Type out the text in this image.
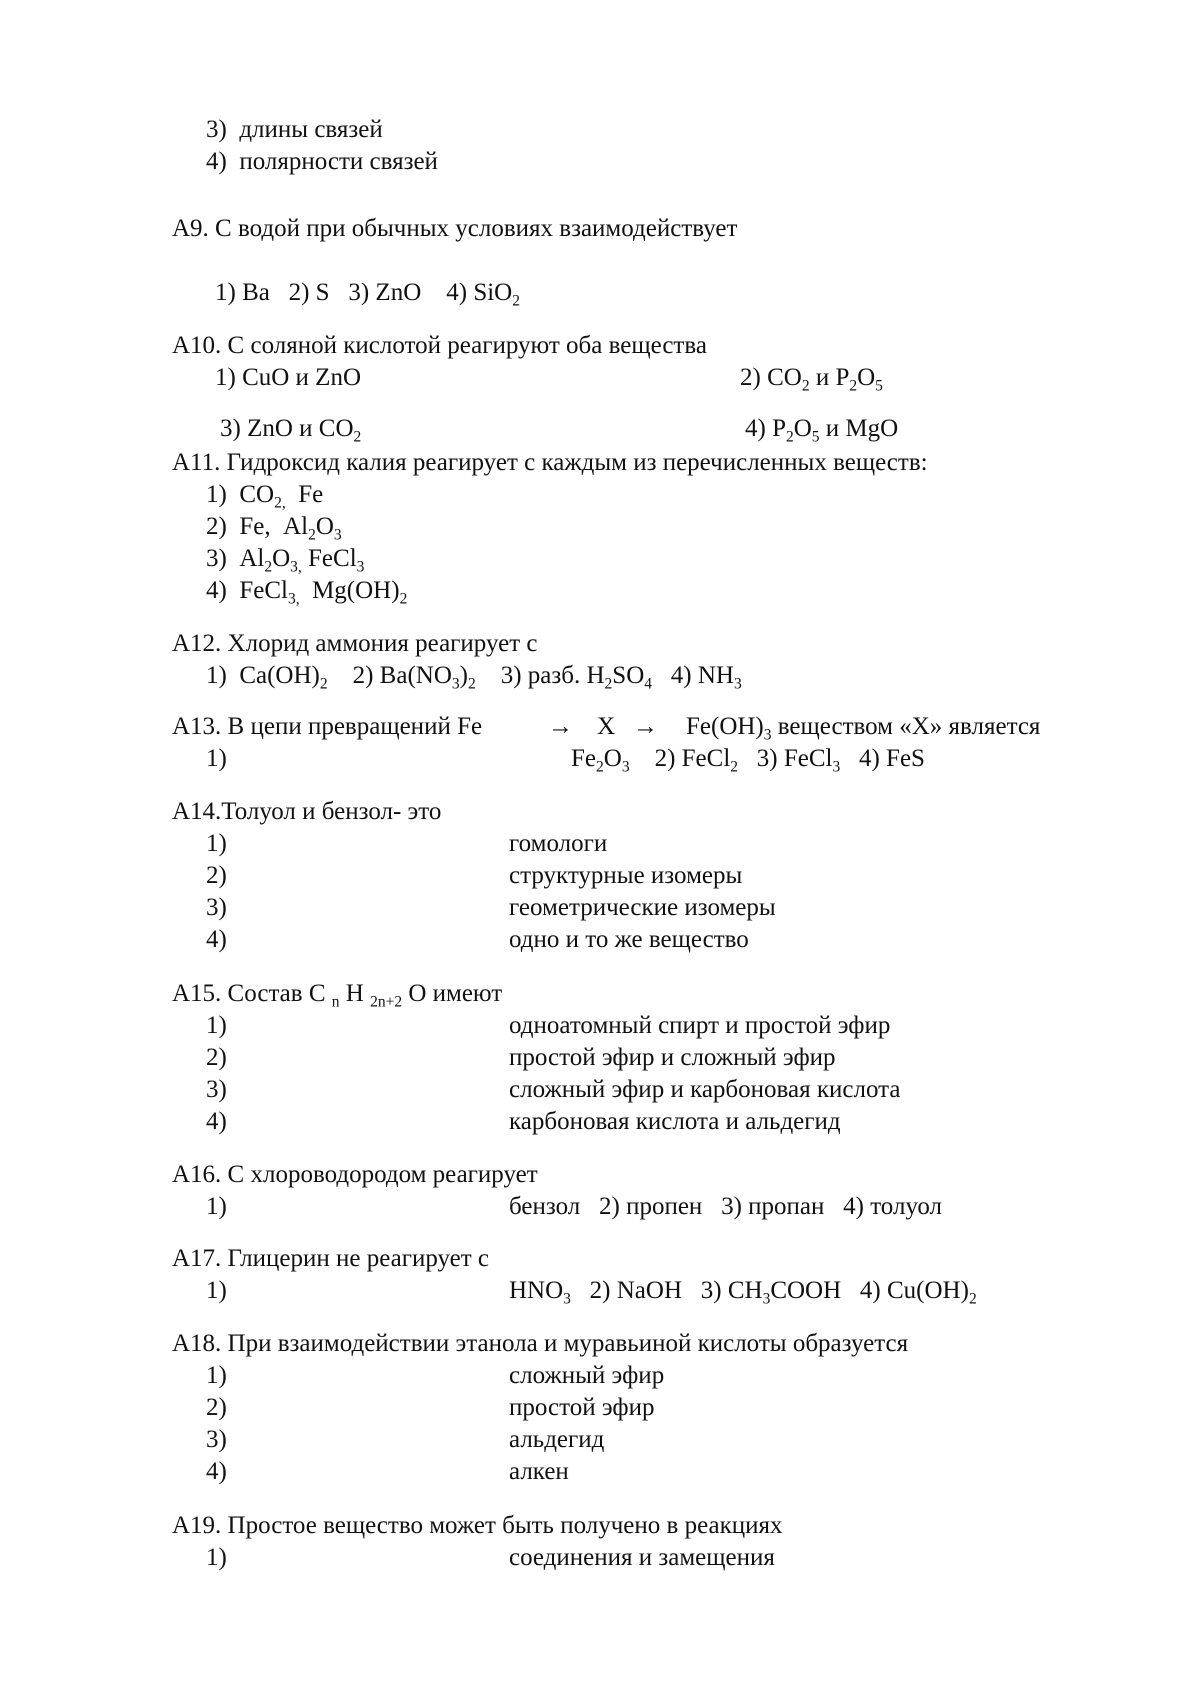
3) длины связей
4) полярности связей
А9. С водой при обычных условиях взаимодействует
1) Ba 2) S 3) ZnO 4) SiO$_2$
А10. С соляной кислотой реагируют оба вещества
1) CuO и ZnO	2) $CO_2$ и $P_2O_5$
3) ZnO и $CO_2$	4) $P_2O_5$ и MgO
А11. Гидроксид калия реагирует с каждым из перечисленных веществ:
1) $CO_{2,}$ Fe
2) Fe, $Al_2O_3$
3) $Al_2O_{3,}$ FeCl$_3$
4) FeCl$_{3,}$ $Mg(OH)_2$
А12. Хлорид аммония реагирует с
1) $Ca(OH)_2$ 2) $Ba(NO_3)_2$ 3) разб. $H_2SO_4$ 4) $NH_3$
А13. В цепи превращений Fe	→ $X \to Fe(OH)_3$ веществом «Х» является
1)	$Fe_2O_3$ 2) FeCl$_2$ 3) FeCl$_3$ 4) FeS
А14.Толуол и бензол- это
1)	гомологи
2)	структурные изомеры
3)	геометрические изомеры
4)	одно и то же вещество
А15. Состав C $_n$ H $_{2n+2}$ O имеют
1)	одноатомный спирт и простой эфир
2)	простой эфир и сложный эфир
3)	сложный эфир и карбоновая кислота
4)	карбоновая кислота и альдегид
А16. С хлороводородом реагирует
1)	бензол 2) пропен 3) пропан 4) толуол
А17. Глицерин не реагирует с
1)	$HNO_3$ 2) NaOH 3) $CH_3COOH$ 4) $Cu(OH)_2$
А18. При взаимодействии этанола и муравьиной кислоты образуется
1)	сложный эфир
2)	простой эфир
3)	альдегид
4)	алкен
А19. Простое вещество может быть получено в реакциях
1)	соединения и замещения
